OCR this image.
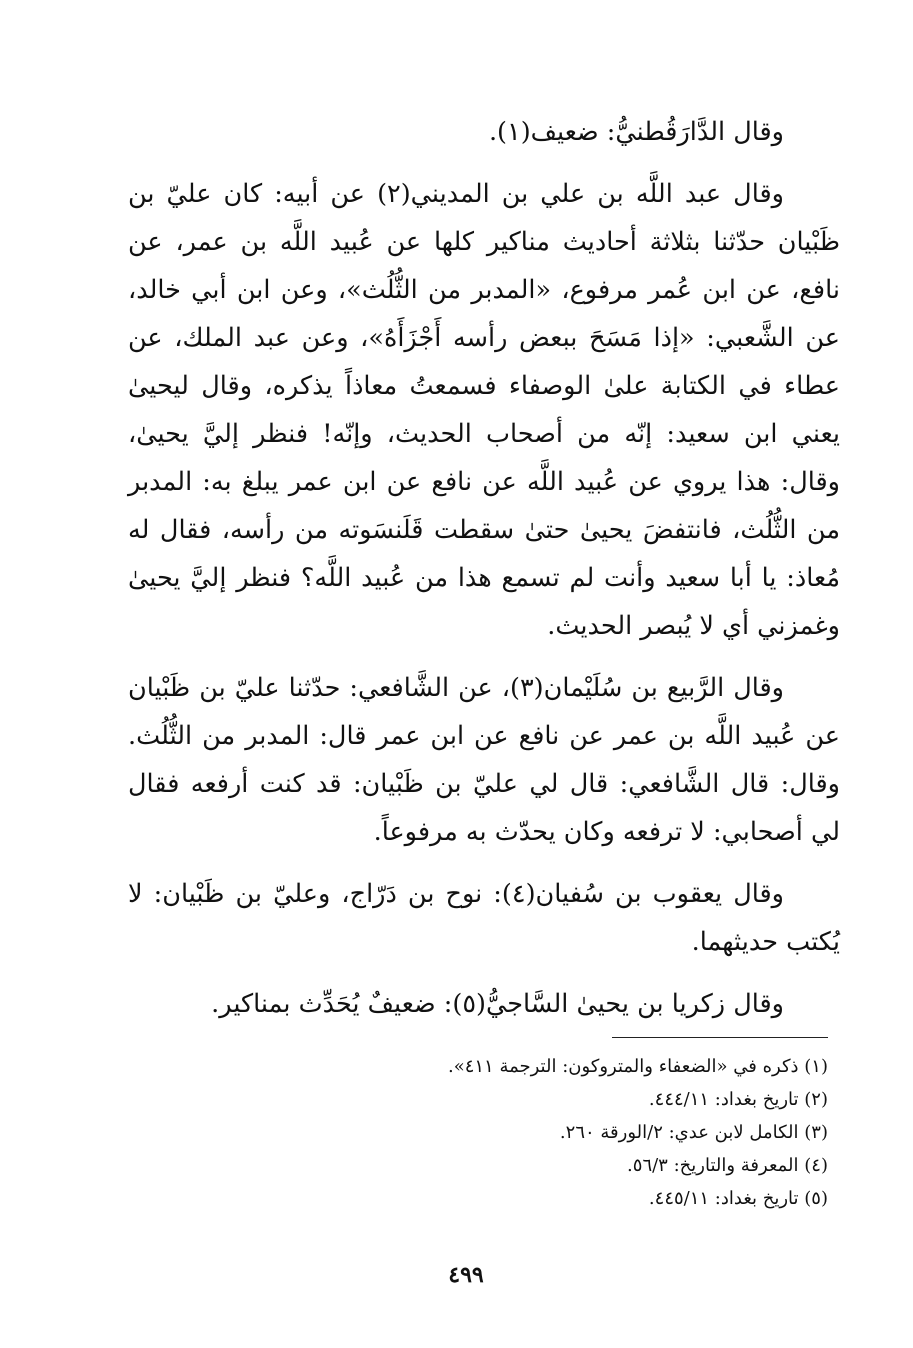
وقال الدَّارَقُطنيُّ: ضعيف(١).

وقال عبد اللَّه بن علي بن المديني(٢) عن أبيه: كان عليّ بن ظَبْيان حدّثنا بثلاثة أحاديث مناكير كلها عن عُبيد اللَّه بن عمر، عن نافع، عن ابن عُمر مرفوع، «المدبر من الثُّلُث»، وعن ابن أبي خالد، عن الشَّعبي: «إذا مَسَحَ ببعض رأسه أَجْزَأَهُ»، وعن عبد الملك، عن عطاء في الكتابة علىٰ الوصفاء فسمعتُ معاذاً يذكره، وقال ليحيىٰ يعني ابن سعيد: إنّه من أصحاب الحديث، وإنّه! فنظر إليَّ يحيىٰ، وقال: هذا يروي عن عُبيد اللَّه عن نافع عن ابن عمر يبلغ به: المدبر من الثُّلُث، فانتفضَ يحيىٰ حتىٰ سقطت قَلَنسَوته من رأسه، فقال له مُعاذ: يا أبا سعيد وأنت لم تسمع هذا من عُبيد اللَّه؟ فنظر إليَّ يحيىٰ وغمزني أي لا يُبصر الحديث.

وقال الرَّبيع بن سُلَيْمان(٣)، عن الشَّافعي: حدّثنا عليّ بن ظَبْيان عن عُبيد اللَّه بن عمر عن نافع عن ابن عمر قال: المدبر من الثُّلُث. وقال: قال الشَّافعي: قال لي عليّ بن ظَبْيان: قد كنت أرفعه فقال لي أصحابي: لا ترفعه وكان يحدّث به مرفوعاً.

وقال يعقوب بن سُفيان(٤): نوح بن دَرّاج، وعليّ بن ظَبْيان: لا يُكتب حديثهما.

وقال زكريا بن يحيىٰ السَّاجيُّ(٥): ضعيفٌ يُحَدِّث بمناكير.

(١) ذكره في «الضعفاء والمتروكون: الترجمة ٤١١».

(٢) تاريخ بغداد: ٤٤٤/١١.

(٣) الكامل لابن عدي: ٢/الورقة ٢٦٠.

(٤) المعرفة والتاريخ: ٥٦/٣.

(٥) تاريخ بغداد: ٤٤٥/١١.

٤٩٩
